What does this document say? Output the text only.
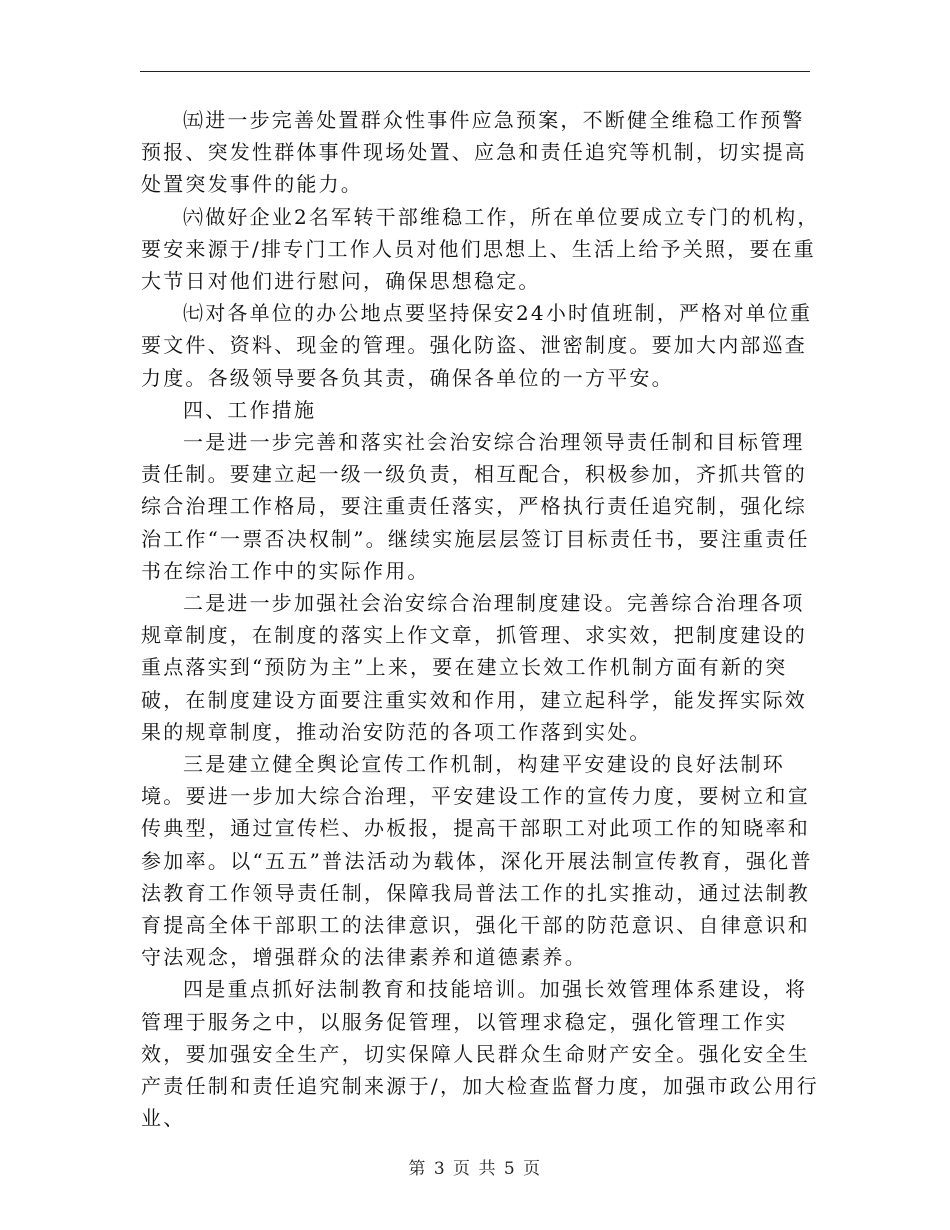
㈤进一步完善处置群众性事件应急预案，不断健全维稳工作预警预报、突发性群体事件现场处置、应急和责任追究等机制，切实提高处置突发事件的能力。

㈥做好企业2名军转干部维稳工作，所在单位要成立专门的机构，要安来源于/排专门工作人员对他们思想上、生活上给予关照，要在重大节日对他们进行慰问，确保思想稳定。

㈦对各单位的办公地点要坚持保安24小时值班制，严格对单位重要文件、资料、现金的管理。强化防盗、泄密制度。要加大内部巡查力度。各级领导要各负其责，确保各单位的一方平安。

四、工作措施

一是进一步完善和落实社会治安综合治理领导责任制和目标管理责任制。要建立起一级一级负责，相互配合，积极参加，齐抓共管的综合治理工作格局，要注重责任落实，严格执行责任追究制，强化综治工作“一票否决权制”。继续实施层层签订目标责任书，要注重责任书在综治工作中的实际作用。

二是进一步加强社会治安综合治理制度建设。完善综合治理各项规章制度，在制度的落实上作文章，抓管理、求实效，把制度建设的重点落实到“预防为主”上来，要在建立长效工作机制方面有新的突破，在制度建设方面要注重实效和作用，建立起科学，能发挥实际效果的规章制度，推动治安防范的各项工作落到实处。

三是建立健全舆论宣传工作机制，构建平安建设的良好法制环境。要进一步加大综合治理，平安建设工作的宣传力度，要树立和宣传典型，通过宣传栏、办板报，提高干部职工对此项工作的知晓率和参加率。以“五五”普法活动为载体，深化开展法制宣传教育，强化普法教育工作领导责任制，保障我局普法工作的扎实推动，通过法制教育提高全体干部职工的法律意识，强化干部的防范意识、自律意识和守法观念，增强群众的法律素养和道德素养。

四是重点抓好法制教育和技能培训。加强长效管理体系建设，将管理于服务之中，以服务促管理，以管理求稳定，强化管理工作实效，要加强安全生产，切实保障人民群众生命财产安全。强化安全生产责任制和责任追究制来源于/，加大检查监督力度，加强市政公用行业、

第 3 页 共 5 页
